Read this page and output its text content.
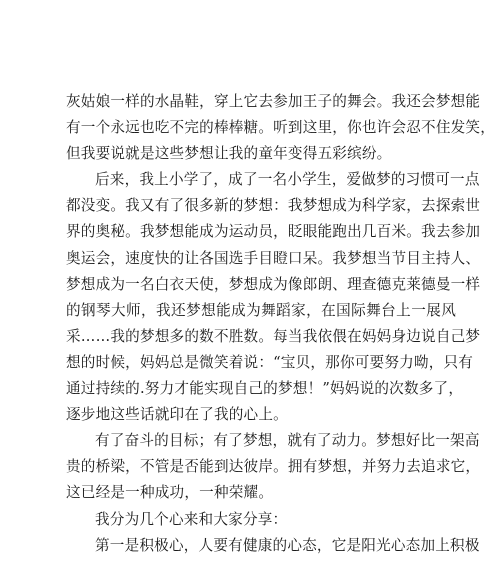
灰姑娘一样的水晶鞋，穿上它去参加王子的舞会。我还会梦想能
有一个永远也吃不完的棒棒糖。听到这里，你也许会忍不住发笑，
但我要说就是这些梦想让我的童年变得五彩缤纷。

后来，我上小学了，成了一名小学生，爱做梦的习惯可一点
都没变。我又有了很多新的梦想：我梦想成为科学家，去探索世
界的奥秘。我梦想能成为运动员，眨眼能跑出几百米。我去参加
奥运会，速度快的让各国选手目瞪口呆。我梦想当节目主持人、
梦想成为一名白衣天使，梦想成为像郎朗、理查德克莱德曼一样
的钢琴大师，我还梦想能成为舞蹈家，在国际舞台上一展风
采……我的梦想多的数不胜数。每当我依偎在妈妈身边说自己梦
想的时候，妈妈总是微笑着说：“宝贝，那你可要努力呦，只有
通过持续的.努力才能实现自己的梦想！”妈妈说的次数多了，
逐步地这些话就印在了我的心上。

有了奋斗的目标；有了梦想，就有了动力。梦想好比一架高
贵的桥梁，不管是否能到达彼岸。拥有梦想，并努力去追求它，
这已经是一种成功，一种荣耀。

我分为几个心来和大家分享：

第一是积极心，人要有健康的心态，它是阳光心态加上积极
